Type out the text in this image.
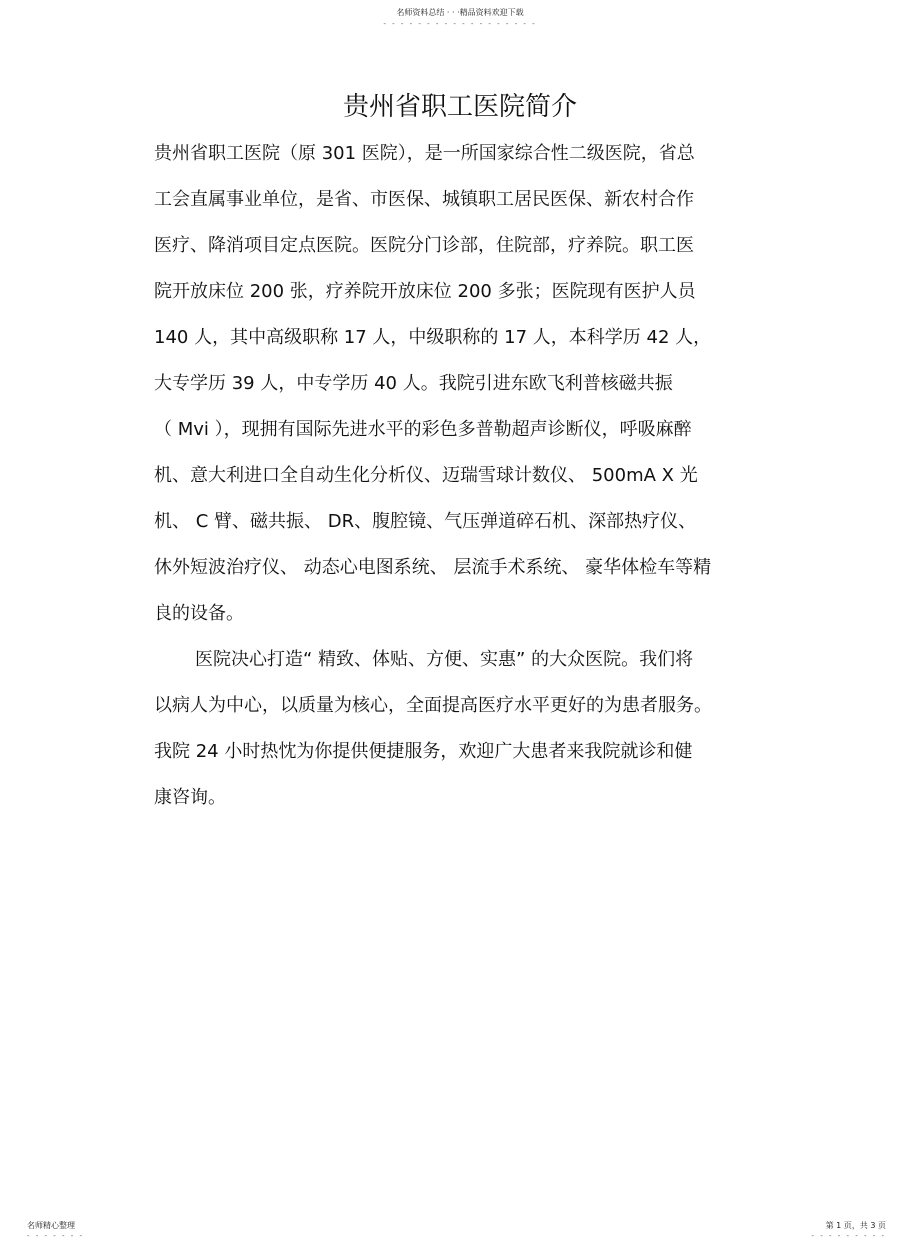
名师资料总结 · · ·精品资料欢迎下载
- - - - - - - - - - - - - - - - - -
贵州省职工医院简介
贵州省职工医院（原 301 医院），是一所国家综合性二级医院，省总
工会直属事业单位，是省、市医保、城镇职工居民医保、新农村合作
医疗、降消项目定点医院。医院分门诊部，住院部，疗养院。职工医
院开放床位 200 张，疗养院开放床位 200 多张；医院现有医护人员
140 人，其中高级职称 17 人，中级职称的 17 人，本科学历 42 人，
大专学历 39 人，中专学历 40 人。我院引进东欧飞利普核磁共振
（ Mvi ），现拥有国际先进水平的彩色多普勒超声诊断仪，呼吸麻醉
机、意大利进口全自动生化分析仪、迈瑞雪球计数仪、 500mA X 光
机、 C 臂、磁共振、 DR、腹腔镜、气压弹道碎石机、深部热疗仪、
休外短波治疗仪、 动态心电图系统、 层流手术系统、 豪华体检车等精
良的设备。
医院决心打造“ 精致、体贴、方便、实惠” 的大众医院。我们将
以病人为中心，以质量为核心，全面提高医疗水平更好的为患者服务。
我院 24 小时热忱为你提供便捷服务，欢迎广大患者来我院就诊和健
康咨询。
名师精心整理
- - - - - - -
第 1 页，共 3 页
- - - - - - - - -
